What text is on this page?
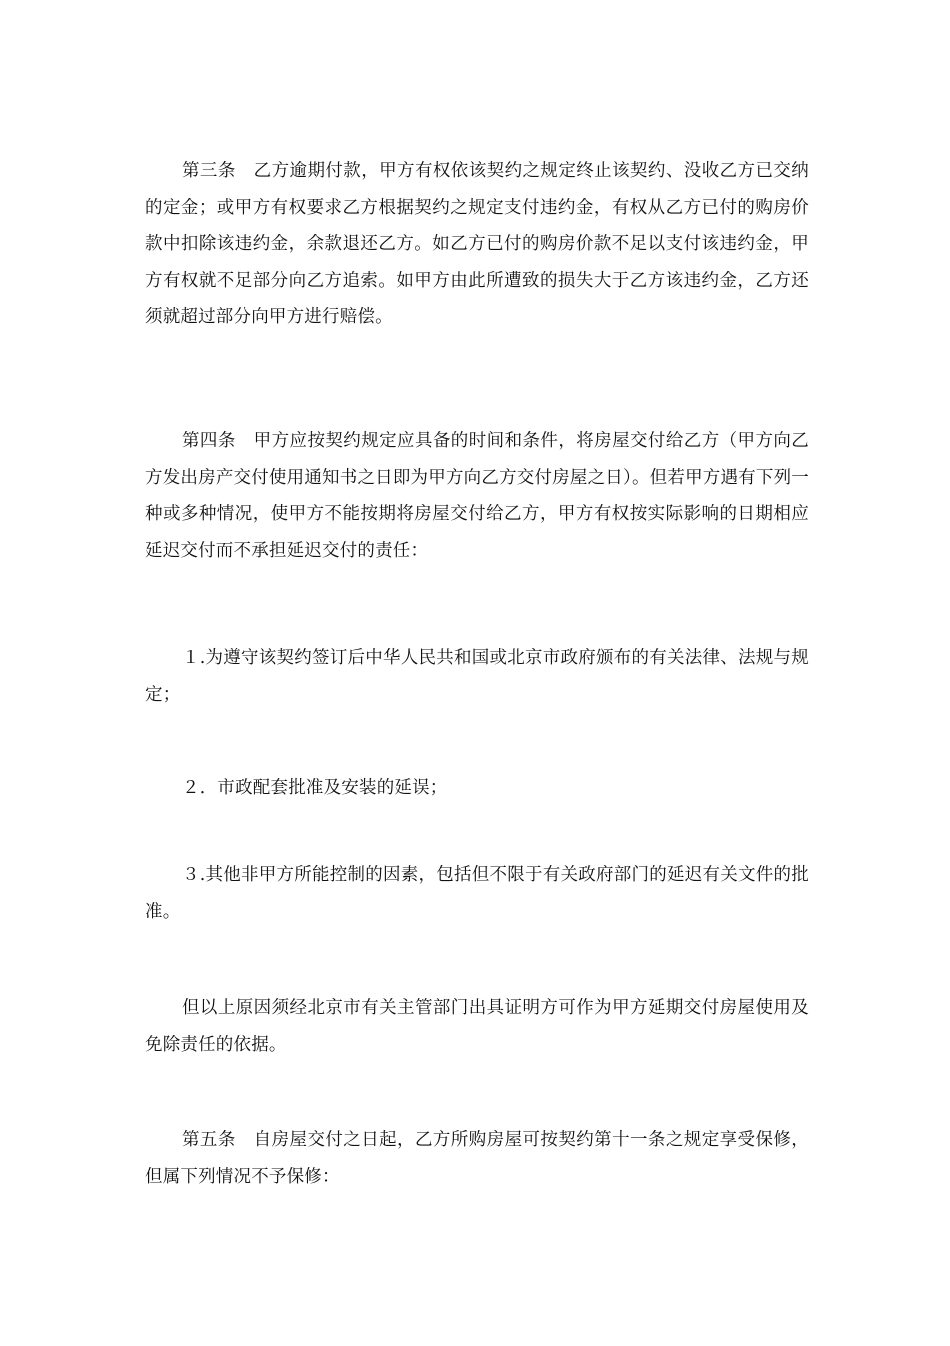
第三条　乙方逾期付款，甲方有权依该契约之规定终止该契约、没收乙方已交纳的定金；或甲方有权要求乙方根据契约之规定支付违约金，有权从乙方已付的购房价款中扣除该违约金，余款退还乙方。如乙方已付的购房价款不足以支付该违约金，甲方有权就不足部分向乙方追索。如甲方由此所遭致的损失大于乙方该违约金，乙方还须就超过部分向甲方进行赔偿。

第四条　甲方应按契约规定应具备的时间和条件，将房屋交付给乙方（甲方向乙方发出房产交付使用通知书之日即为甲方向乙方交付房屋之日）。但若甲方遇有下列一种或多种情况，使甲方不能按期将房屋交付给乙方，甲方有权按实际影响的日期相应延迟交付而不承担延迟交付的责任：

１.为遵守该契约签订后中华人民共和国或北京市政府颁布的有关法律、法规与规定；

２．市政配套批准及安装的延误；

３.其他非甲方所能控制的因素，包括但不限于有关政府部门的延迟有关文件的批准。

但以上原因须经北京市有关主管部门出具证明方可作为甲方延期交付房屋使用及免除责任的依据。

第五条　自房屋交付之日起，乙方所购房屋可按契约第十一条之规定享受保修，但属下列情况不予保修：
